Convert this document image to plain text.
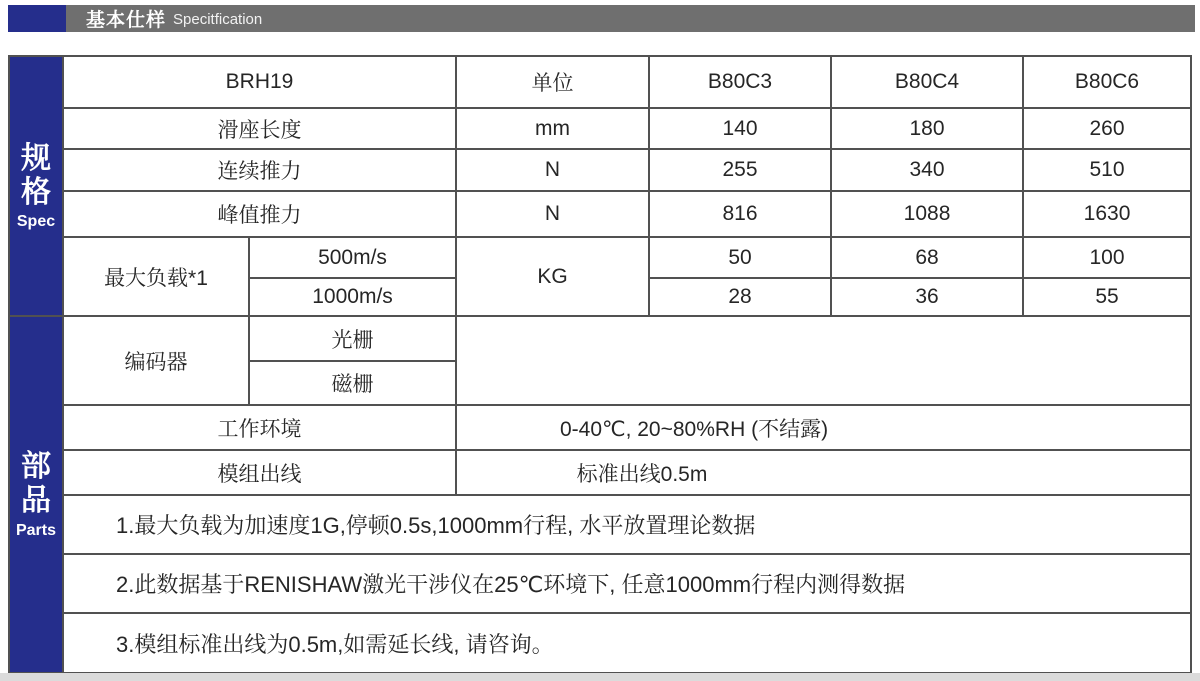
基本仕样 Specitfication
规格
Spec	BRH19		单位	B80C3	B80C4	B80C6
	滑座长度		mm	140	180	260
	连续推力		N	255	340	510
	峰值推力		N	816	1088	1630
	最大负载*1	500m/s	KG	50	68	100
		1000m/s		28	36	55

部品
Parts	编码器	光栅				
		磁栅				
	工作环境		0-40℃, 20~80%RH (不结露)			

	模组出线		标准出线0.5m			

	1.最大负载为加速度1G,停顿0.5s,1000mm行程, 水平放置理论数据					
	2.此数据基于RENISHAW激光干涉仪在25℃环境下, 任意1000mm行程内测得数据					
	3.模组标准出线为0.5m,如需延长线, 请咨询。					
